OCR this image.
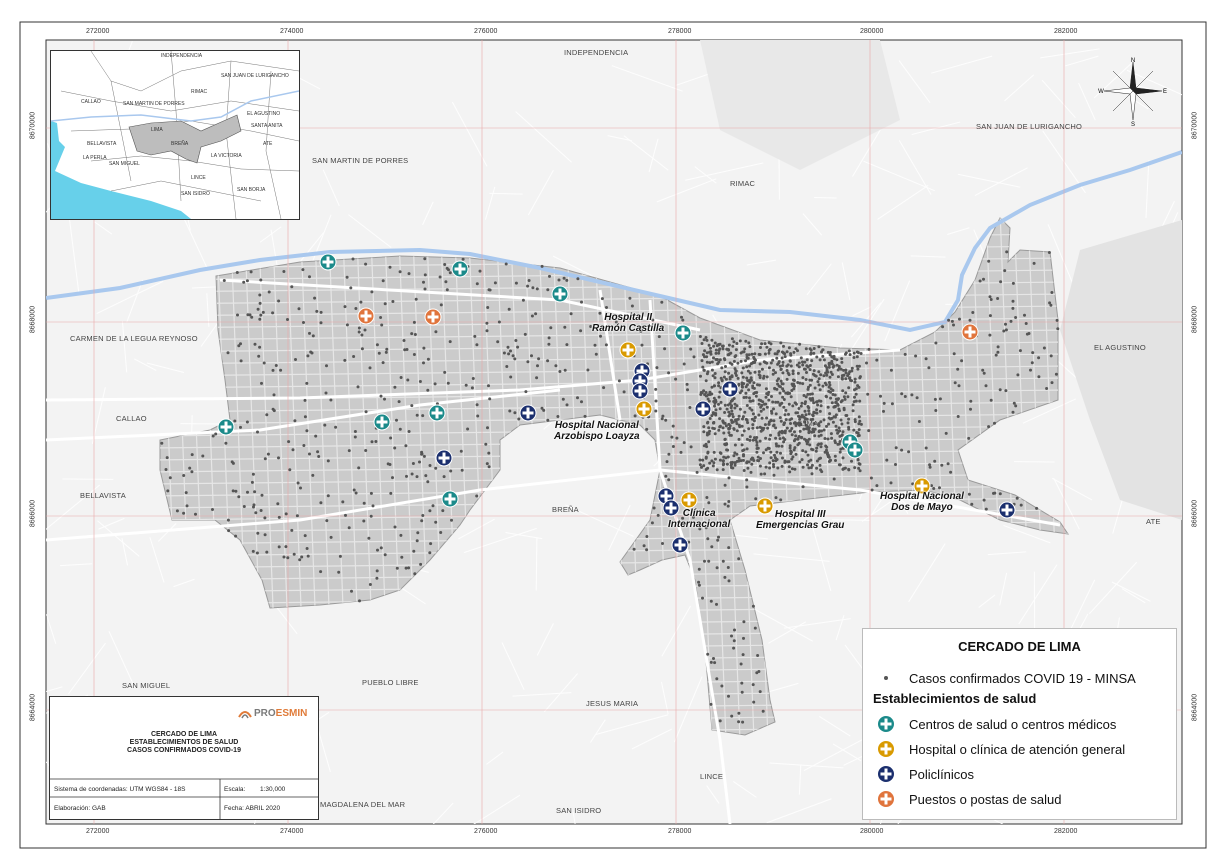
272000	274000	276000	278000	280000	282000
272000	274000	276000	278000	280000	282000
8670000
8668000
8666000
8664000
8670000
8668000
8666000
8664000
INDEPENDENCIA
SAN JUAN DE LURIGANCHO
SAN MARTIN DE PORRES
RIMAC
CARMEN DE LA LEGUA REYNOSO
EL AGUSTINO
CALLAO
LIMA
BELLAVISTA
BREÑA
ATE
SAN MIGUEL	PUEBLO LIBRE
JESUS MARIA
LINCE
MAGDALENA DEL MAR
SAN ISIDRO
Hospital II
Ramón Castilla
Hospital Nacional
Arzobispo Loayza
Clínica
Internacional
Hospital III
Emergencias Grau
Hospital Nacional
Dos de Mayo
INDEPENDENCIA
SAN JUAN DE LURIGANCHO
RIMAC
CALLAO	SAN MARTIN DE PORRES
EL AGUSTINO
LIMA
SANTA ANITA
BELLAVISTA	BREÑA	ATE
LA VICTORIA
LA PERLA
SAN MIGUEL
LINCE
SAN BORJA
SAN ISIDRO
N
S
E
W
CERCADO DE LIMA
Casos confirmados COVID 19 - MINSA
Establecimientos de salud
Centros de salud o centros médicos
Hospital o clínica de atención general
Policlínicos
Puestos o postas de salud
PROESMIN
CERCADO DE LIMA
ESTABLECIMIENTOS DE SALUD
CASOS CONFIRMADOS COVID-19
Sistema de coordenadas: UTM WGS84 - 18S	Escala: 1:30,000
Elaboración: GAB	Fecha: ABRIL 2020
